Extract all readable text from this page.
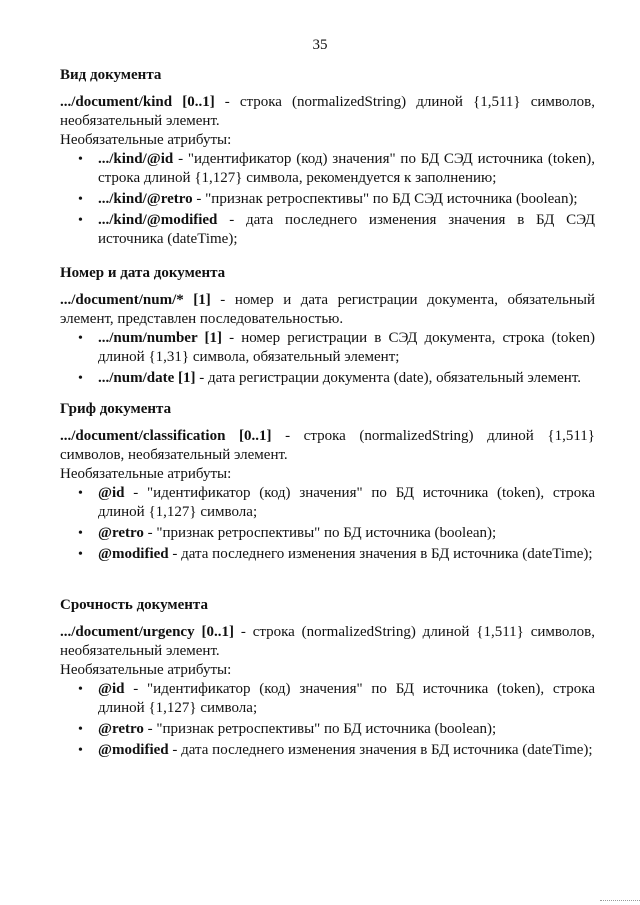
35
Вид документа

.../document/kind [0..1] - строка (normalizedString) длиной {1,511} символов, необязательный элемент.

Необязательные атрибуты:

• .../kind/@id - "идентификатор (код) значения" по БД СЭД источника (token), строка длиной {1,127} символа, рекомендуется к заполнению;
• .../kind/@retro - "признак ретроспективы" по БД СЭД источника (boolean);
• .../kind/@modified - дата последнего изменения значения в БД СЭД источника (dateTime);
Номер и дата документа

.../document/num/* [1] - номер и дата регистрации документа, обязательный элемент, представлен последовательностью.

• .../num/number [1] - номер регистрации в СЭД документа, строка (token) длиной {1,31} символа, обязательный элемент;
• .../num/date [1] - дата регистрации документа (date), обязательный элемент.
Гриф документа

.../document/classification [0..1] - строка (normalizedString) длиной {1,511} символов, необязательный элемент.

Необязательные атрибуты:

• @id - "идентификатор (код) значения" по БД источника (token), строка длиной {1,127} символа;
• @retro - "признак ретроспективы" по БД источника (boolean);
• @modified - дата последнего изменения значения в БД источника (dateTime);
Срочность документа

.../document/urgency [0..1] - строка (normalizedString) длиной {1,511} символов, необязательный элемент.

Необязательные атрибуты:

• @id - "идентификатор (код) значения" по БД источника (token), строка длиной {1,127} символа;
• @retro - "признак ретроспективы" по БД источника (boolean);
• @modified - дата последнего изменения значения в БД источника (dateTime);
